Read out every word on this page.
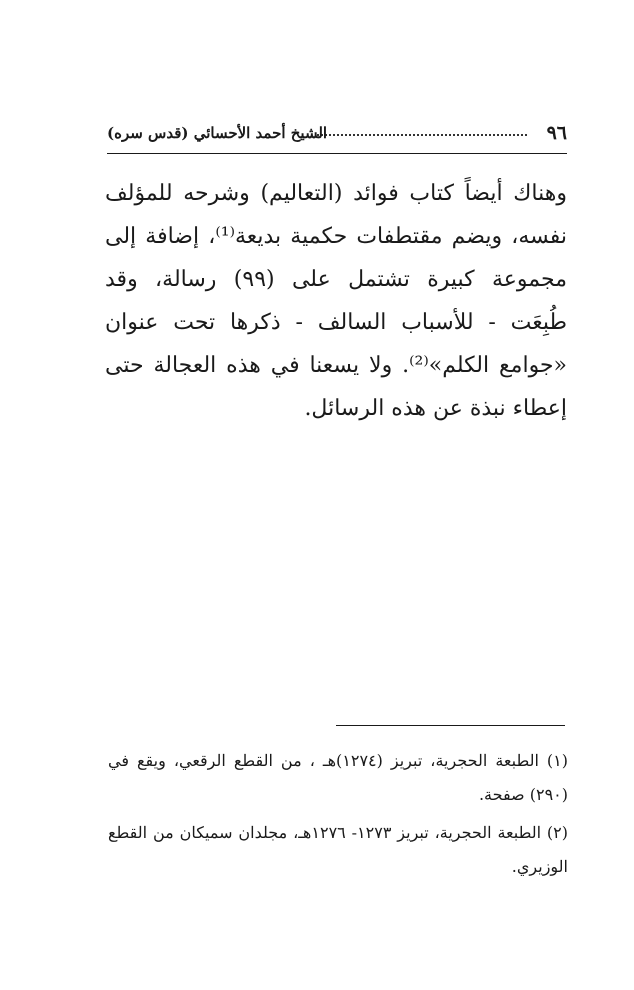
٩٦
الشيخ أحمد الأحسائي (قدس سره)
وهناك أيضاً كتاب فوائد (التعاليم) وشرحه للمؤلف نفسه، ويضم مقتطفات حكمية بديعة⁽¹⁾، إضافة إلى مجموعة كبيرة تشتمل على (٩٩) رسالة، وقد طُبِعَت - للأسباب السالف - ذكرها تحت عنوان «جوامع الكلم»⁽²⁾. ولا يسعنا في هذه العجالة حتى إعطاء نبذة عن هذه الرسائل.

(١) الطبعة الحجرية، تبريز (١٢٧٤)هـ ، من القطع الرقعي، ويقع في (٢٩٠) صفحة.

(٢) الطبعة الحجرية، تبريز ١٢٧٣- ١٢٧٦هـ، مجلدان سميكان من القطع الوزيري.
